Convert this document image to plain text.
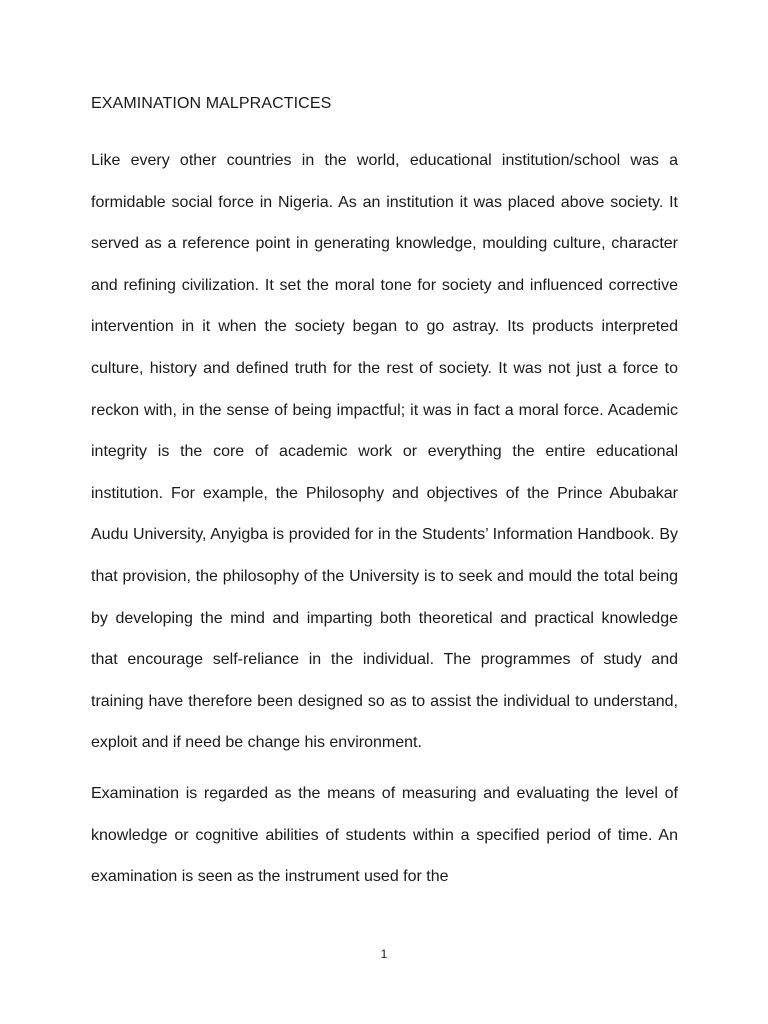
EXAMINATION MALPRACTICES

Like every other countries in the world, educational institution/school was a formidable social force in Nigeria. As an institution it was placed above society. It served as a reference point in generating knowledge, moulding culture, character and refining civilization. It set the moral tone for society and influenced corrective intervention in it when the society began to go astray. Its products interpreted culture, history and defined truth for the rest of society. It was not just a force to reckon with, in the sense of being impactful; it was in fact a moral force. Academic integrity is the core of academic work or everything the entire educational institution. For example, the Philosophy and objectives of the Prince Abubakar Audu University, Anyigba is provided for in the Students’ Information Handbook. By that provision, the philosophy of the University is to seek and mould the total being by developing the mind and imparting both theoretical and practical knowledge that encourage self-reliance in the individual. The programmes of study and training have therefore been designed so as to assist the individual to understand, exploit and if need be change his environment.

Examination is regarded as the means of measuring and evaluating the level of knowledge or cognitive abilities of students within a specified period of time. An examination is seen as the instrument used for the

1
